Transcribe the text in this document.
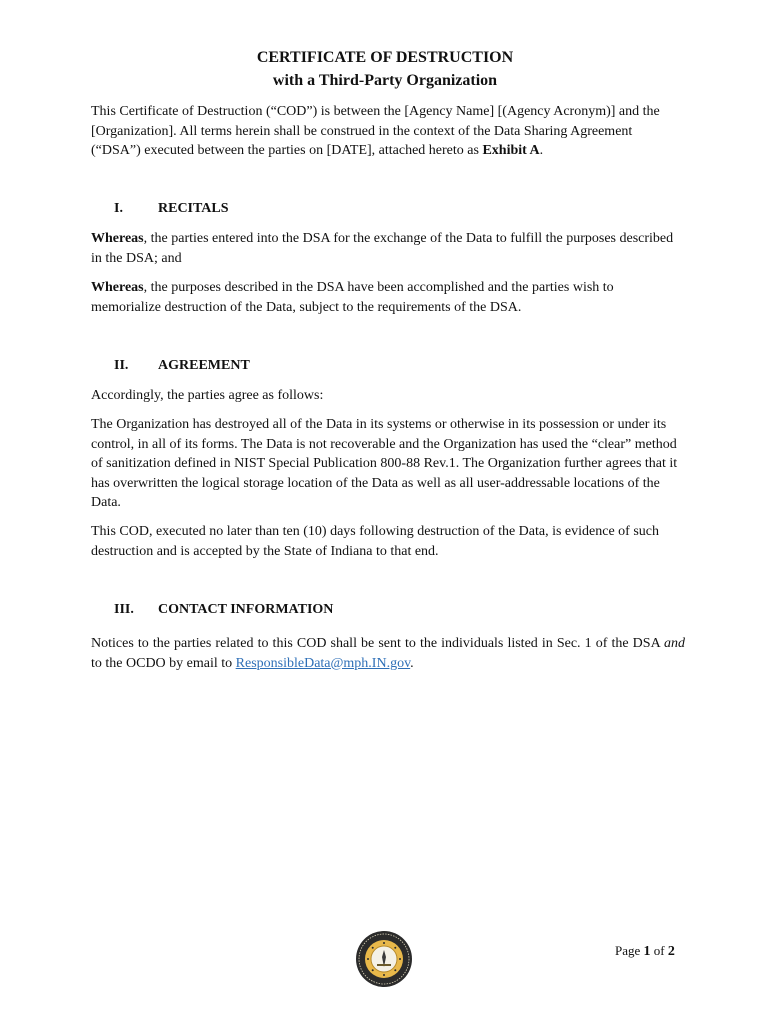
CERTIFICATE OF DESTRUCTION
with a Third-Party Organization

This Certificate of Destruction (“COD”) is between the [Agency Name] [(Agency Acronym)] and the [Organization]. All terms herein shall be construed in the context of the Data Sharing Agreement (“DSA”) executed between the parties on [DATE], attached hereto as Exhibit A.

I.	RECITALS

Whereas, the parties entered into the DSA for the exchange of the Data to fulfill the purposes described in the DSA; and

Whereas, the purposes described in the DSA have been accomplished and the parties wish to memorialize destruction of the Data, subject to the requirements of the DSA.

II.	AGREEMENT

Accordingly, the parties agree as follows:

The Organization has destroyed all of the Data in its systems or otherwise in its possession or under its control, in all of its forms. The Data is not recoverable and the Organization has used the “clear” method of sanitization defined in NIST Special Publication 800-88 Rev.1. The Organization further agrees that it has overwritten the logical storage location of the Data as well as all user-addressable locations of the Data.

This COD, executed no later than ten (10) days following destruction of the Data, is evidence of such destruction and is accepted by the State of Indiana to that end.

III.	CONTACT INFORMATION

Notices to the parties related to this COD shall be sent to the individuals listed in Sec. 1 of the DSA and to the OCDO by email to ResponsibleData@mph.IN.gov.

Page 1 of 2
